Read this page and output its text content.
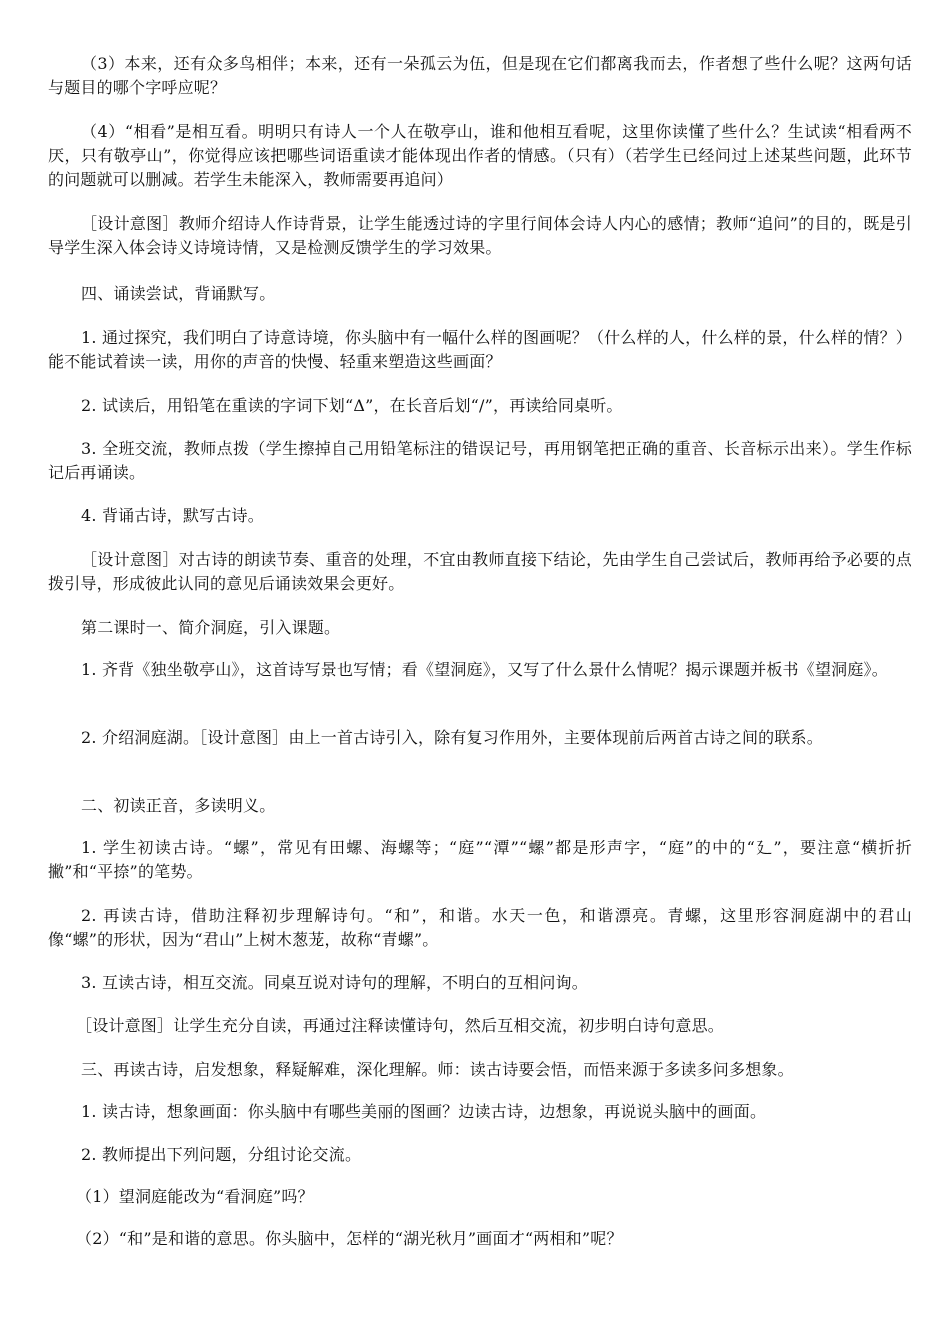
（3）本来，还有众多鸟相伴；本来，还有一朵孤云为伍，但是现在它们都离我而去，作者想了些什么呢？这两句话与题目的哪个字呼应呢？

（4）“相看”是相互看。明明只有诗人一个人在敬亭山，谁和他相互看呢，这里你读懂了些什么？生试读“相看两不厌，只有敬亭山”，你觉得应该把哪些词语重读才能体现出作者的情感。（只有）（若学生已经问过上述某些问题，此环节的问题就可以删减。若学生未能深入，教师需要再追问）

［设计意图］教师介绍诗人作诗背景，让学生能透过诗的字里行间体会诗人内心的感情；教师“追问”的目的，既是引导学生深入体会诗义诗境诗情，又是检测反馈学生的学习效果。

四、诵读尝试，背诵默写。

1. 通过探究，我们明白了诗意诗境，你头脑中有一幅什么样的图画呢？（什么样的人，什么样的景，什么样的情？）能不能试着读一读，用你的声音的快慢、轻重来塑造这些画面？

2. 试读后，用铅笔在重读的字词下划“Δ”，在长音后划“/”，再读给同桌听。

3. 全班交流，教师点拨（学生擦掉自己用铅笔标注的错误记号，再用钢笔把正确的重音、长音标示出来）。学生作标记后再诵读。

4. 背诵古诗，默写古诗。

［设计意图］对古诗的朗读节奏、重音的处理，不宜由教师直接下结论，先由学生自己尝试后，教师再给予必要的点拨引导，形成彼此认同的意见后诵读效果会更好。

第二课时一、简介洞庭，引入课题。

1. 齐背《独坐敬亭山》，这首诗写景也写情；看《望洞庭》，又写了什么景什么情呢？揭示课题并板书《望洞庭》。

2. 介绍洞庭湖。［设计意图］由上一首古诗引入，除有复习作用外，主要体现前后两首古诗之间的联系。

二、初读正音，多读明义。

1. 学生初读古诗。“螺”，常见有田螺、海螺等；“庭”“潭”“螺”都是形声字，“庭”的中的“廴”，要注意“横折折撇”和“平捺”的笔势。

2. 再读古诗，借助注释初步理解诗句。“和”，和谐。水天一色，和谐漂亮。青螺，这里形容洞庭湖中的君山像“螺”的形状，因为“君山”上树木葱茏，故称“青螺”。

3. 互读古诗，相互交流。同桌互说对诗句的理解，不明白的互相问询。

［设计意图］让学生充分自读，再通过注释读懂诗句，然后互相交流，初步明白诗句意思。

三、再读古诗，启发想象，释疑解难，深化理解。师：读古诗要会悟，而悟来源于多读多问多想象。

1. 读古诗，想象画面：你头脑中有哪些美丽的图画？边读古诗，边想象，再说说头脑中的画面。

2. 教师提出下列问题，分组讨论交流。

（1）望洞庭能改为“看洞庭”吗？

（2）“和”是和谐的意思。你头脑中，怎样的“湖光秋月”画面才“两相和”呢？
